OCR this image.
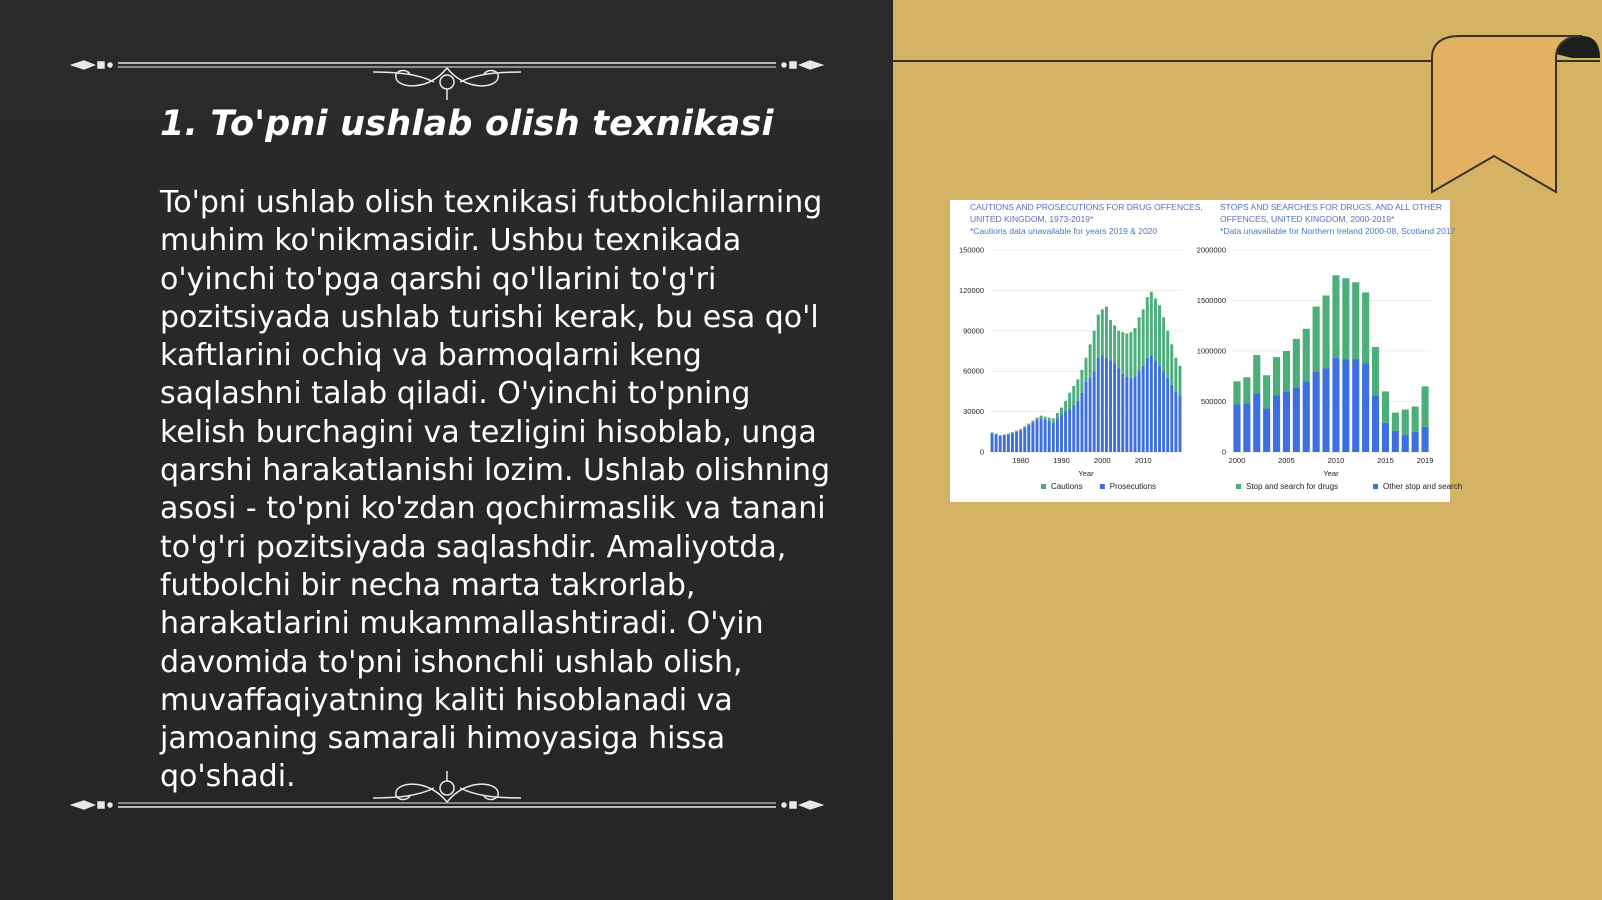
1. To'pni ushlab olish texnikasi

To'pni ushlab olish texnikasi futbolchilarning muhim ko'nikmasidir. Ushbu texnikada o'yinchi to'pga qarshi qo'llarini to'g'ri pozitsiyada ushlab turishi kerak, bu esa qo'l kaftlarini ochiq va barmoqlarni keng saqlashni talab qiladi. O'yinchi to'pning kelish burchagini va tezligini hisoblab, unga qarshi harakatlanishi lozim. Ushlab olishning asosi - to'pni ko'zdan qochirmaslik va tanani to'g'ri pozitsiyada saqlashdir. Amaliyotda, futbolchi bir necha marta takrorlab, harakatlarini mukammallashtiradi. O'yin davomida to'pni ishonchli ushlab olish, muvaffaqiyatning kaliti hisoblanadi va jamoaning samarali himoyasiga hissa qo'shadi.

CAUTIONS AND PROSECUTIONS FOR DRUG OFFENCES, UNITED KINGDOM, 1973-2019*
*Cautions data unavailable for years 2019 & 2020
0
30000
60000
90000
120000
150000
1980	1990	2000	2010
Year
Cautions	Prosecutions
STOPS AND SEARCHES FOR DRUGS, AND ALL OTHER OFFENCES, UNITED KINGDOM, 2000-2019*
*Data unavailable for Northern Ireland 2000-08, Scotland 2017
0
500000
1000000
1500000
2000000
2000	2005	2010	2015	2019
Year
Stop and search for drugs	Other stop and search
